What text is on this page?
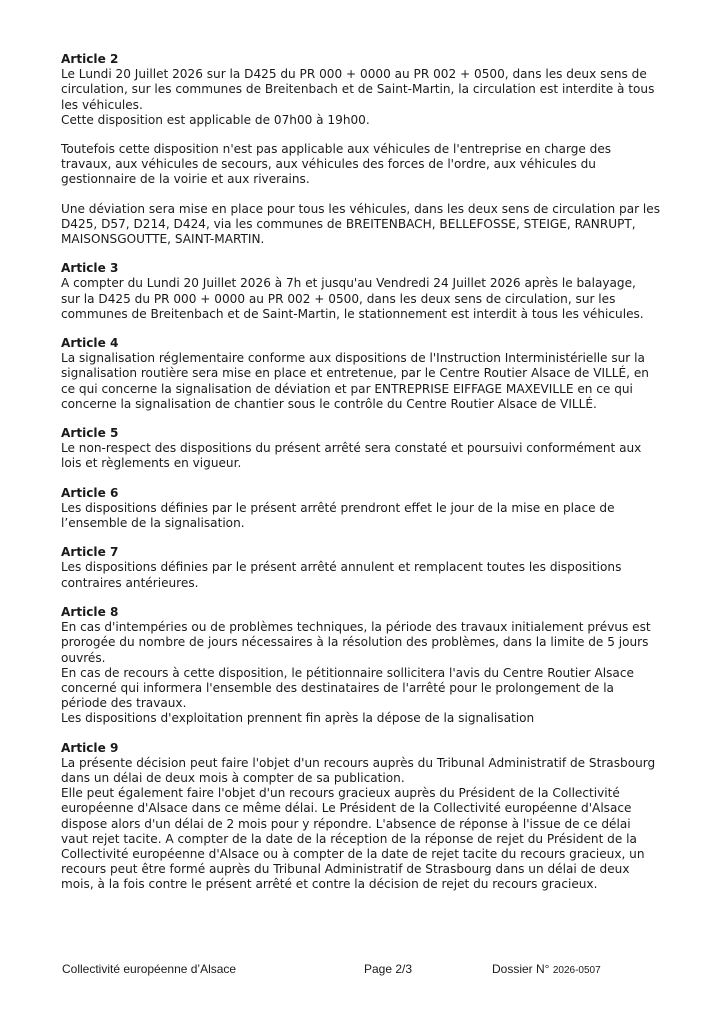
Article 2
Le Lundi 20 Juillet 2026 sur la D425 du PR 000 + 0000 au PR 002 + 0500, dans les deux sens de
circulation, sur les communes de Breitenbach et de Saint-Martin, la circulation est interdite à tous
les véhicules.
Cette disposition est applicable de 07h00 à 19h00.
Toutefois cette disposition n'est pas applicable aux véhicules de l'entreprise en charge des
travaux, aux véhicules de secours, aux véhicules des forces de l'ordre, aux véhicules du
gestionnaire de la voirie et aux riverains.
Une déviation sera mise en place pour tous les véhicules, dans les deux sens de circulation par les
D425, D57, D214, D424, via les communes de BREITENBACH, BELLEFOSSE, STEIGE, RANRUPT,
MAISONSGOUTTE, SAINT-MARTIN.
Article 3
A compter du Lundi 20 Juillet 2026 à 7h et jusqu'au Vendredi 24 Juillet 2026 après le balayage,
sur la D425 du PR 000 + 0000 au PR 002 + 0500, dans les deux sens de circulation, sur les
communes de Breitenbach et de Saint-Martin, le stationnement est interdit à tous les véhicules.
Article 4
La signalisation réglementaire conforme aux dispositions de l'Instruction Interministérielle sur la
signalisation routière sera mise en place et entretenue, par le Centre Routier Alsace de VILLÉ, en
ce qui concerne la signalisation de déviation et par ENTREPRISE EIFFAGE MAXEVILLE en ce qui
concerne la signalisation de chantier sous le contrôle du Centre Routier Alsace de VILLÉ.
Article 5
Le non-respect des dispositions du présent arrêté sera constaté et poursuivi conformément aux
lois et règlements en vigueur.
Article 6
Les dispositions définies par le présent arrêté prendront effet le jour de la mise en place de
l’ensemble de la signalisation.
Article 7
Les dispositions définies par le présent arrêté annulent et remplacent toutes les dispositions
contraires antérieures.
Article 8
En cas d'intempéries ou de problèmes techniques, la période des travaux initialement prévus est
prorogée du nombre de jours nécessaires à la résolution des problèmes, dans la limite de 5 jours
ouvrés.
En cas de recours à cette disposition, le pétitionnaire sollicitera l'avis du Centre Routier Alsace
concerné qui informera l'ensemble des destinataires de l'arrêté pour le prolongement de la
période des travaux.
Les dispositions d'exploitation prennent fin après la dépose de la signalisation
Article 9
La présente décision peut faire l'objet d'un recours auprès du Tribunal Administratif de Strasbourg
dans un délai de deux mois à compter de sa publication.
Elle peut également faire l'objet d'un recours gracieux auprès du Président de la Collectivité
européenne d'Alsace dans ce même délai. Le Président de la Collectivité européenne d'Alsace
dispose alors d'un délai de 2 mois pour y répondre. L'absence de réponse à l'issue de ce délai
vaut rejet tacite. A compter de la date de la réception de la réponse de rejet du Président de la
Collectivité européenne d'Alsace ou à compter de la date de rejet tacite du recours gracieux, un
recours peut être formé auprès du Tribunal Administratif de Strasbourg dans un délai de deux
mois, à la fois contre le présent arrêté et contre la décision de rejet du recours gracieux.
Collectivité européenne d’Alsace	Page 2/3	Dossier N° 2026-0507
